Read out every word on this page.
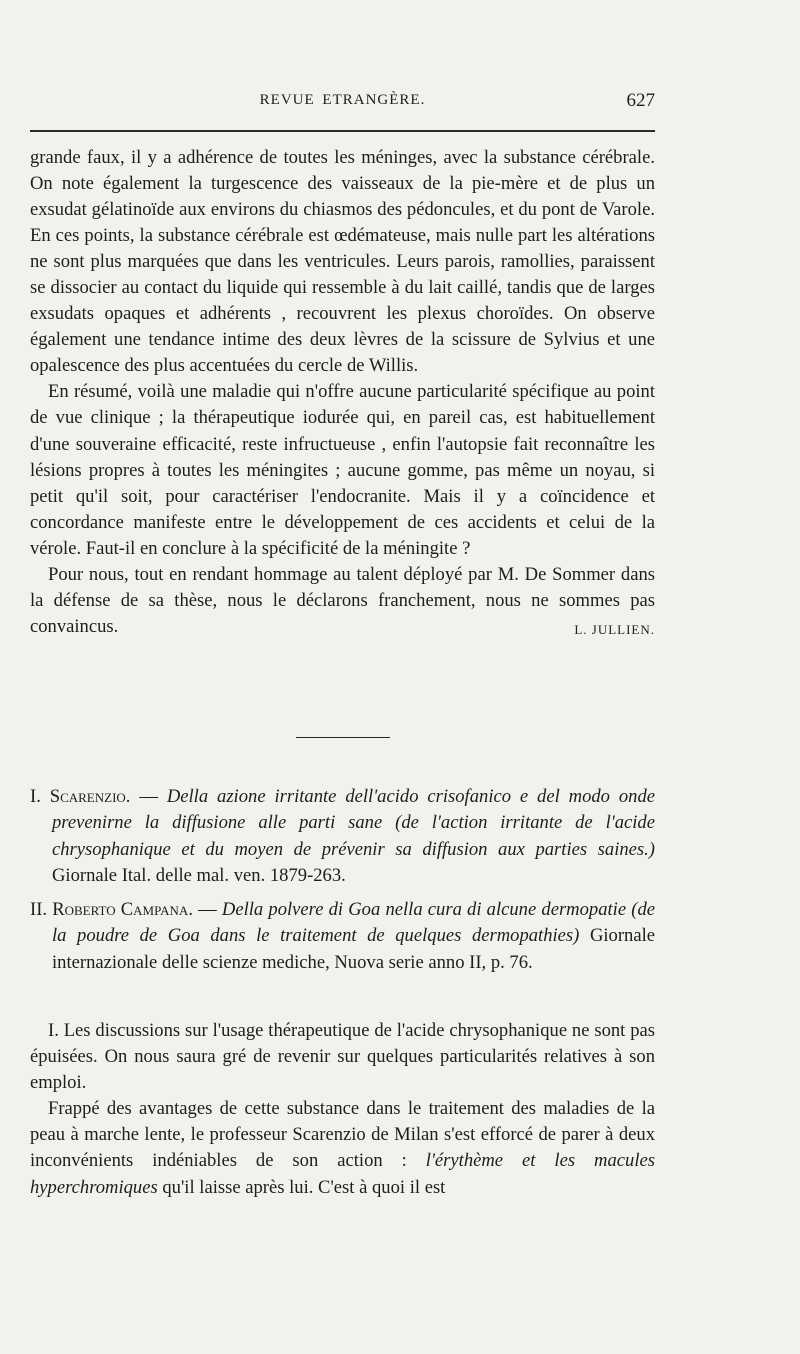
REVUE ETRANGÈRE.	627

grande faux, il y a adhérence de toutes les méninges, avec la substance cérébrale. On note également la turgescence des vaisseaux de la pie-mère et de plus un exsudat gélatinoïde aux environs du chiasmos des pédoncules, et du pont de Varole. En ces points, la substance cérébrale est œdémateuse, mais nulle part les altérations ne sont plus marquées que dans les ventricules. Leurs parois, ramollies, paraissent se dissocier au contact du liquide qui ressemble à du lait caillé, tandis que de larges exsudats opaques et adhérents , recouvrent les plexus choroïdes. On observe également une tendance intime des deux lèvres de la scissure de Sylvius et une opalescence des plus accentuées du cercle de Willis.

En résumé, voilà une maladie qui n'offre aucune particularité spécifique au point de vue clinique ; la thérapeutique iodurée qui, en pareil cas, est habituellement d'une souveraine efficacité, reste infructueuse , enfin l'autopsie fait reconnaître les lésions propres à toutes les méningites ; aucune gomme, pas même un noyau, si petit qu'il soit, pour caractériser l'endocranite. Mais il y a coïncidence et concordance manifeste entre le développement de ces accidents et celui de la vérole. Faut-il en conclure à la spécificité de la méningite ?

Pour nous, tout en rendant hommage au talent déployé par M. De Sommer dans la défense de sa thèse, nous le déclarons franchement, nous ne sommes pas convaincus.	L. JULLIEN.

I. Scarenzio. — Della azione irritante dell'acido crisofanico e del modo onde prevenirne la diffusione alle parti sane (de l'action irritante de l'acide chrysophanique et du moyen de prévenir sa diffusion aux parties saines.) Giornale Ital. delle mal. ven. 1879-263.

II. Roberto Campana. — Della polvere di Goa nella cura di alcune dermopatie (de la poudre de Goa dans le traitement de quelques dermopathies) Giornale internazionale delle scienze mediche, Nuova serie anno II, p. 76.

I. Les discussions sur l'usage thérapeutique de l'acide chrysophanique ne sont pas épuisées. On nous saura gré de revenir sur quelques particularités relatives à son emploi.

Frappé des avantages de cette substance dans le traitement des maladies de la peau à marche lente, le professeur Scarenzio de Milan s'est efforcé de parer à deux inconvénients indéniables de son action : l'érythème et les macules hyperchromiques qu'il laisse après lui. C'est à quoi il est
